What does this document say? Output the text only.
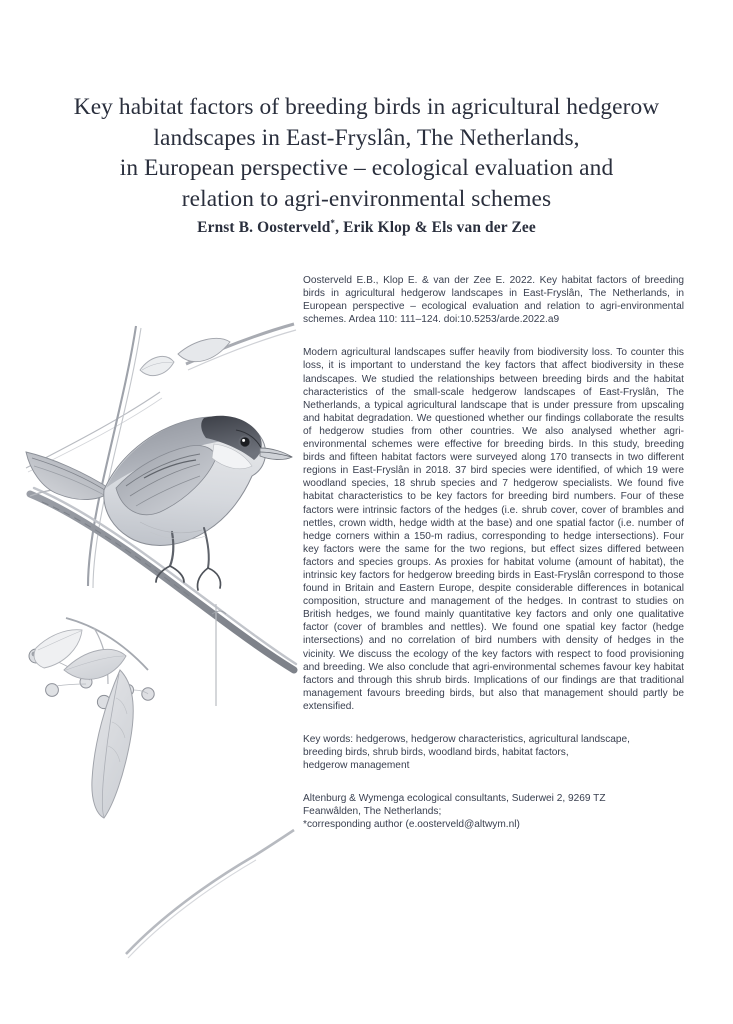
Key habitat factors of breeding birds in agricultural hedgerow
landscapes in East-Fryslân, The Netherlands,
in European perspective – ecological evaluation and
relation to agri-environmental schemes
Ernst B. Oosterveld*, Erik Klop & Els van der Zee

Oosterveld E.B., Klop E. & van der Zee E. 2022. Key habitat factors of breeding birds in agricultural hedgerow landscapes in East-Fryslân, The Netherlands, in European perspective – ecological evaluation and relation to agri-environmental schemes. Ardea 110: 111–124. doi:10.5253/arde.2022.a9

Modern agricultural landscapes suffer heavily from biodiversity loss. To counter this loss, it is important to understand the key factors that affect biodiversity in these landscapes. We studied the relationships between breeding birds and the habitat characteristics of the small-scale hedgerow landscapes of East-Fryslân, The Netherlands, a typical agricultural landscape that is under pressure from upscaling and habitat degradation. We questioned whether our findings collaborate the results of hedgerow studies from other countries. We also analysed whether agri-environmental schemes were effective for breeding birds. In this study, breeding birds and fifteen habitat factors were surveyed along 170 transects in two different regions in East-Fryslân in 2018. 37 bird species were identified, of which 19 were woodland species, 18 shrub species and 7 hedgerow specialists. We found five habitat characteristics to be key factors for breeding bird numbers. Four of these factors were intrinsic factors of the hedges (i.e. shrub cover, cover of brambles and nettles, crown width, hedge width at the base) and one spatial factor (i.e. number of hedge corners within a 150-m radius, corresponding to hedge intersections). Four key factors were the same for the two regions, but effect sizes differed between factors and species groups. As proxies for habitat volume (amount of habitat), the intrinsic key factors for hedgerow breeding birds in East-Fryslân correspond to those found in Britain and Eastern Europe, despite considerable differences in botanical composition, structure and management of the hedges. In contrast to studies on British hedges, we found mainly quantitative key factors and only one qualitative factor (cover of brambles and nettles). We found one spatial key factor (hedge intersections) and no correlation of bird numbers with density of hedges in the vicinity. We discuss the ecology of the key factors with respect to food provisioning and breeding. We also conclude that agri-environmental schemes favour key habitat factors and through this shrub birds. Implications of our findings are that traditional management favours breeding birds, but also that management should partly be extensified.

Key words: hedgerows, hedgerow characteristics, agricultural landscape,
breeding birds, shrub birds, woodland birds, habitat factors,
hedgerow management

Altenburg & Wymenga ecological consultants, Suderwei 2, 9269 TZ
Feanwâlden, The Netherlands;
*corresponding author (e.oosterveld@altwym.nl)
